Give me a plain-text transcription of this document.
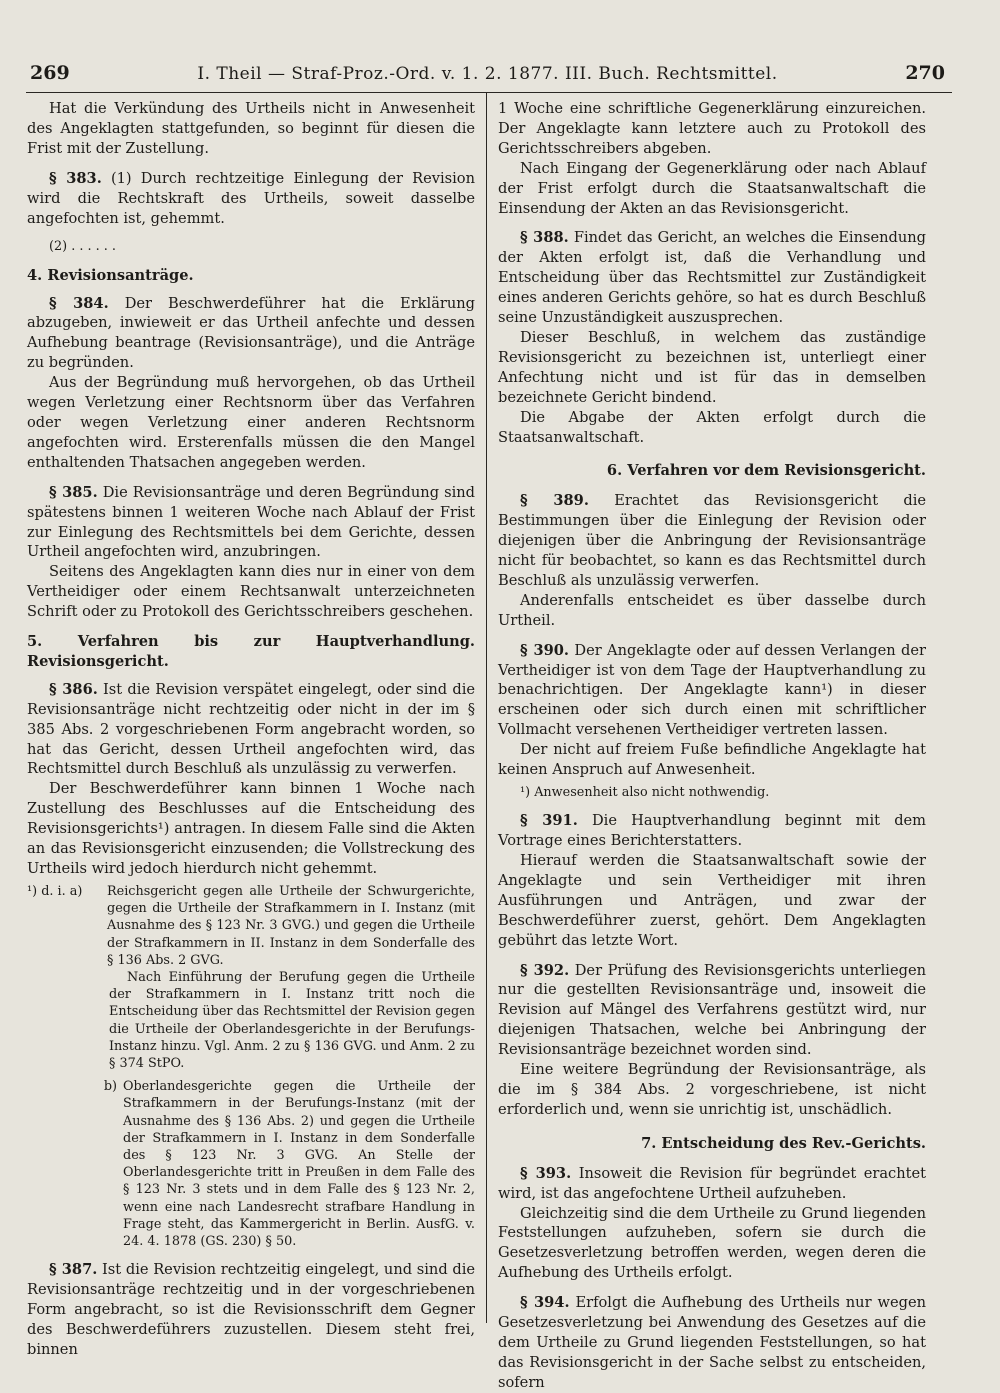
269	I. Theil — Straf-Proz.-Ord. v. 1. 2. 1877. III. Buch. Rechtsmittel.	270

Hat die Verkündung des Urtheils nicht in Anwesenheit des Angeklagten stattgefunden, so beginnt für diesen die Frist mit der Zustellung.

§ 383. (1) Durch rechtzeitige Einlegung der Revision wird die Rechtskraft des Urtheils, soweit dasselbe angefochten ist, gehemmt.

(2) . . . . . .

4. Revisionsanträge.

§ 384. Der Beschwerdeführer hat die Erklärung abzugeben, inwieweit er das Urtheil anfechte und dessen Aufhebung beantrage (Revisionsanträge), und die Anträge zu begründen.

Aus der Begründung muß hervorgehen, ob das Urtheil wegen Verletzung einer Rechtsnorm über das Verfahren oder wegen Verletzung einer anderen Rechtsnorm angefochten wird. Ersterenfalls müssen die den Mangel enthaltenden Thatsachen angegeben werden.

§ 385. Die Revisionsanträge und deren Begründung sind spätestens binnen 1 weiteren Woche nach Ablauf der Frist zur Einlegung des Rechtsmittels bei dem Gerichte, dessen Urtheil angefochten wird, anzubringen.

Seitens des Angeklagten kann dies nur in einer von dem Vertheidiger oder einem Rechtsanwalt unterzeichneten Schrift oder zu Protokoll des Gerichtsschreibers geschehen.

5. Verfahren bis zur Hauptverhandlung. Revisionsgericht.

§ 386. Ist die Revision verspätet eingelegt, oder sind die Revisionsanträge nicht rechtzeitig oder nicht in der im § 385 Abs. 2 vorgeschriebenen Form angebracht worden, so hat das Gericht, dessen Urtheil angefochten wird, das Rechtsmittel durch Beschluß als unzulässig zu verwerfen.

Der Beschwerdeführer kann binnen 1 Woche nach Zustellung des Beschlusses auf die Entscheidung des Revisionsgerichts¹) antragen. In diesem Falle sind die Akten an das Revisionsgericht einzusenden; die Vollstreckung des Urtheils wird jedoch hierdurch nicht gehemmt.

¹) d. i. a)	Reichsgericht gegen alle Urtheile der Schwurgerichte, gegen die Urtheile der Strafkammern in I. Instanz (mit Ausnahme des § 123 Nr. 3 GVG.) und gegen die Urtheile der Strafkammern in II. Instanz in dem Sonderfalle des § 136 Abs. 2 GVG.
Nach Einführung der Berufung gegen die Urtheile der Strafkammern in I. Instanz tritt noch die Entscheidung über das Rechtsmittel der Revision gegen die Urtheile der Oberlandesgerichte in der Berufungs-Instanz hinzu. Vgl. Anm. 2 zu § 136 GVG. und Anm. 2 zu § 374 StPO.
b) Oberlandesgerichte gegen die Urtheile der Strafkammern in der Berufungs-Instanz (mit der Ausnahme des § 136 Abs. 2) und gegen die Urtheile der Strafkammern in I. Instanz in dem Sonderfalle des § 123 Nr. 3 GVG. An Stelle der Oberlandesgerichte tritt in Preußen in dem Falle des § 123 Nr. 3 stets und in dem Falle des § 123 Nr. 2, wenn eine nach Landesrecht strafbare Handlung in Frage steht, das Kammergericht in Berlin. AusfG. v. 24. 4. 1878 (GS. 230) § 50.

§ 387. Ist die Revision rechtzeitig eingelegt, und sind die Revisionsanträge rechtzeitig und in der vorgeschriebenen Form angebracht, so ist die Revisionsschrift dem Gegner des Beschwerdeführers zuzustellen. Diesem steht frei, binnen

1 Woche eine schriftliche Gegenerklärung einzureichen. Der Angeklagte kann letztere auch zu Protokoll des Gerichtsschreibers abgeben.

Nach Eingang der Gegenerklärung oder nach Ablauf der Frist erfolgt durch die Staatsanwaltschaft die Einsendung der Akten an das Revisionsgericht.

§ 388. Findet das Gericht, an welches die Einsendung der Akten erfolgt ist, daß die Verhandlung und Entscheidung über das Rechtsmittel zur Zuständigkeit eines anderen Gerichts gehöre, so hat es durch Beschluß seine Unzuständigkeit auszusprechen.

Dieser Beschluß, in welchem das zuständige Revisionsgericht zu bezeichnen ist, unterliegt einer Anfechtung nicht und ist für das in demselben bezeichnete Gericht bindend.

Die Abgabe der Akten erfolgt durch die Staatsanwaltschaft.

6. Verfahren vor dem Revisionsgericht.

§ 389. Erachtet das Revisionsgericht die Bestimmungen über die Einlegung der Revision oder diejenigen über die Anbringung der Revisionsanträge nicht für beobachtet, so kann es das Rechtsmittel durch Beschluß als unzulässig verwerfen.

Anderenfalls entscheidet es über dasselbe durch Urtheil.

§ 390. Der Angeklagte oder auf dessen Verlangen der Vertheidiger ist von dem Tage der Hauptverhandlung zu benachrichtigen. Der Angeklagte kann¹) in dieser erscheinen oder sich durch einen mit schriftlicher Vollmacht versehenen Vertheidiger vertreten lassen.

Der nicht auf freiem Fuße befindliche Angeklagte hat keinen Anspruch auf Anwesenheit.

¹) Anwesenheit also nicht nothwendig.

§ 391. Die Hauptverhandlung beginnt mit dem Vortrage eines Berichterstatters.

Hierauf werden die Staatsanwaltschaft sowie der Angeklagte und sein Vertheidiger mit ihren Ausführungen und Anträgen, und zwar der Beschwerdeführer zuerst, gehört. Dem Angeklagten gebührt das letzte Wort.

§ 392. Der Prüfung des Revisionsgerichts unterliegen nur die gestellten Revisionsanträge und, insoweit die Revision auf Mängel des Verfahrens gestützt wird, nur diejenigen Thatsachen, welche bei Anbringung der Revisionsanträge bezeichnet worden sind.

Eine weitere Begründung der Revisionsanträge, als die im § 384 Abs. 2 vorgeschriebene, ist nicht erforderlich und, wenn sie unrichtig ist, unschädlich.

7. Entscheidung des Rev.-Gerichts.

§ 393. Insoweit die Revision für begründet erachtet wird, ist das angefochtene Urtheil aufzuheben.

Gleichzeitig sind die dem Urtheile zu Grund liegenden Feststellungen aufzuheben, sofern sie durch die Gesetzesverletzung betroffen werden, wegen deren die Aufhebung des Urtheils erfolgt.

§ 394. Erfolgt die Aufhebung des Urtheils nur wegen Gesetzesverletzung bei Anwendung des Gesetzes auf die dem Urtheile zu Grund liegenden Feststellungen, so hat das Revisionsgericht in der Sache selbst zu entscheiden, sofern
